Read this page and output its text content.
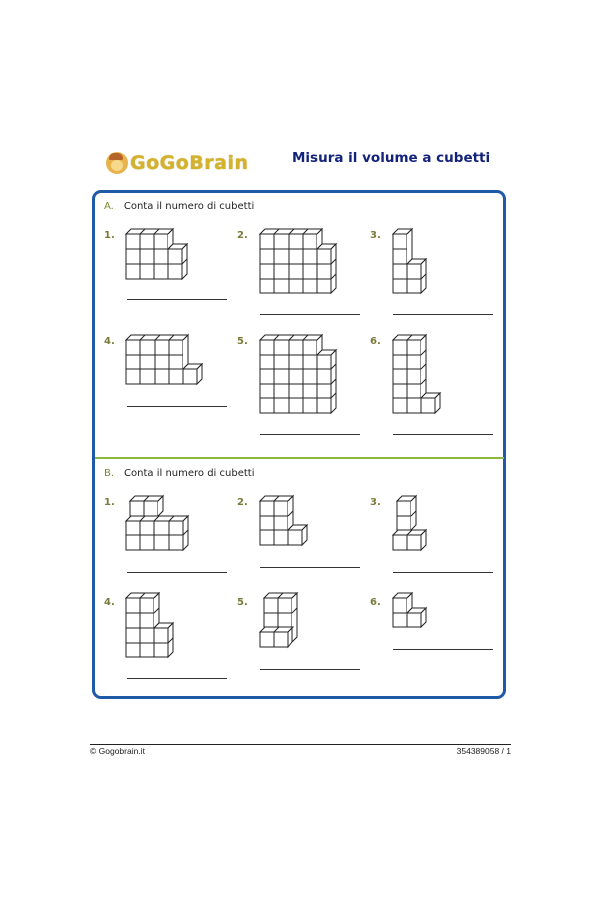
GoGoBrain	Misura il volume a cubetti
A. Conta il numero di cubetti
1.	2.	3.
4.	5.	6.
B. Conta il numero di cubetti
1.	2.	3.
4.	5.	6.
© Gogobrain.it	354389058 / 1
